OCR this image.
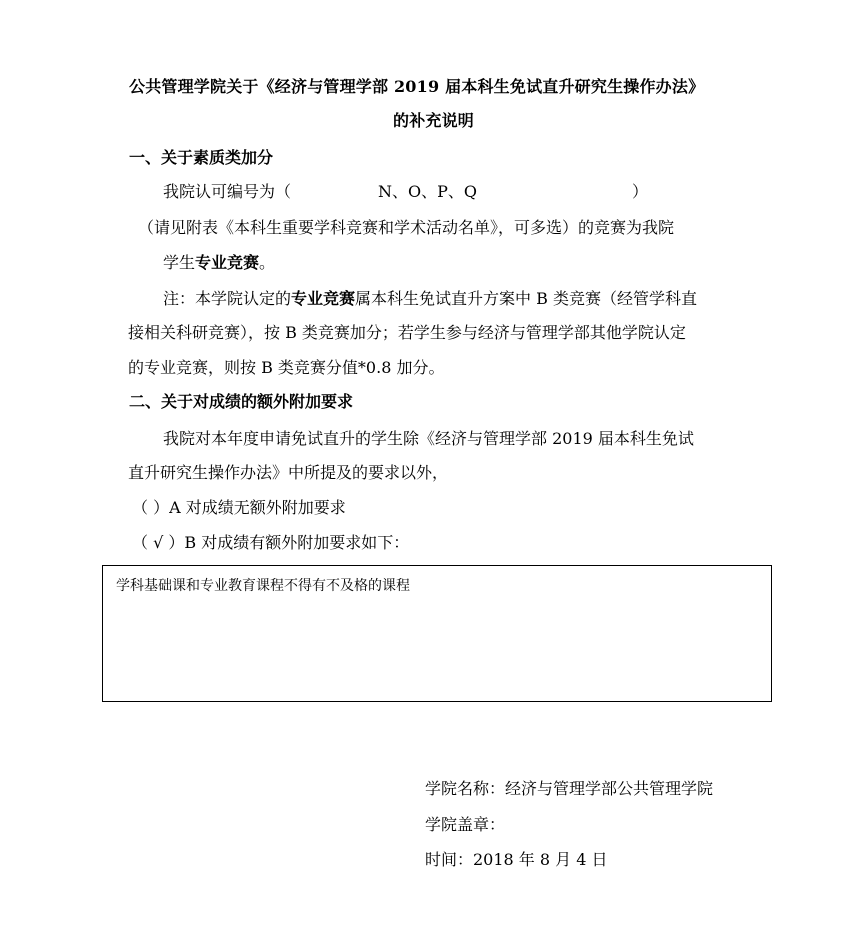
公共管理学院关于《经济与管理学部 2019 届本科生免试直升研究生操作办法》
的补充说明
一、关于素质类加分
我院认可编号为（	N、O、P、Q	）
（请见附表《本科生重要学科竞赛和学术活动名单》，可多选）的竞赛为我院
学生专业竞赛。
注：本学院认定的专业竞赛属本科生免试直升方案中 B 类竞赛（经管学科直
接相关科研竞赛），按 B 类竞赛加分；若学生参与经济与管理学部其他学院认定
的专业竞赛，则按 B 类竞赛分值*0.8 加分。
二、关于对成绩的额外附加要求
我院对本年度申请免试直升的学生除《经济与管理学部 2019 届本科生免试
直升研究生操作办法》中所提及的要求以外，
（ ）A 对成绩无额外附加要求
（ √ ）B 对成绩有额外附加要求如下：
学科基础课和专业教育课程不得有不及格的课程
学院名称：经济与管理学部公共管理学院
学院盖章：
时间：2018 年 8 月 4 日
